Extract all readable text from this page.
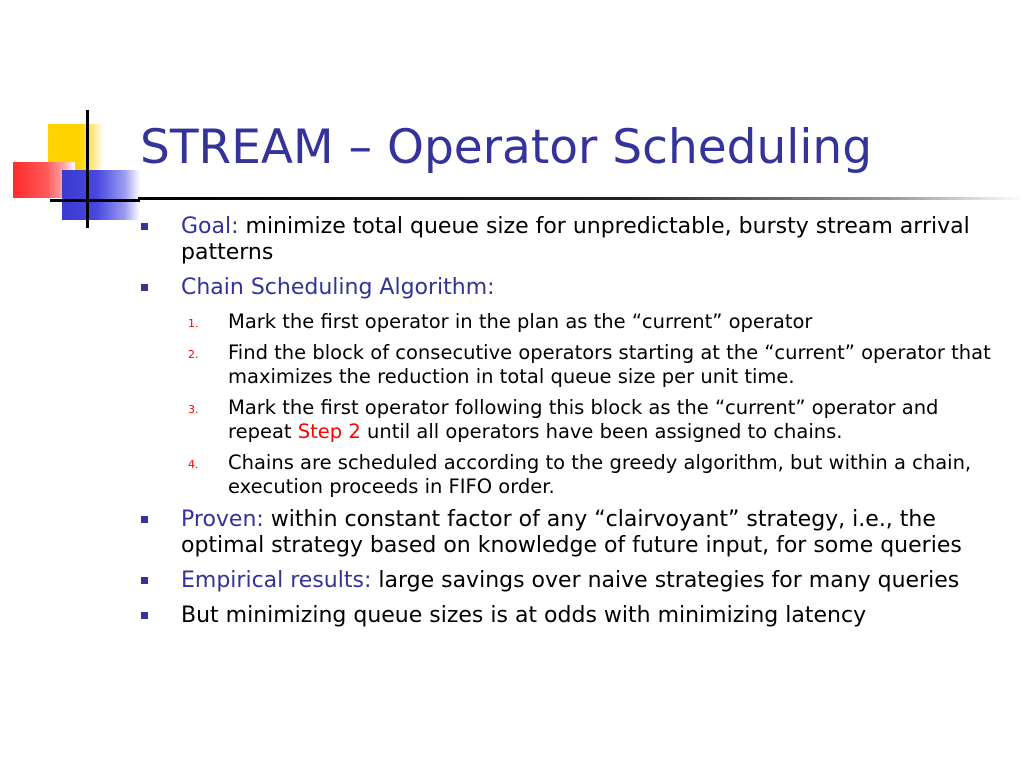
STREAM – Operator Scheduling
Goal: minimize total queue size for unpredictable, bursty stream arrival patterns
Chain Scheduling Algorithm:
1. Mark the first operator in the plan as the “current” operator
2. Find the block of consecutive operators starting at the “current” operator that maximizes the reduction in total queue size per unit time.
3. Mark the first operator following this block as the “current” operator and repeat Step 2 until all operators have been assigned to chains.
4. Chains are scheduled according to the greedy algorithm, but within a chain, execution proceeds in FIFO order.
Proven: within constant factor of any “clairvoyant” strategy, i.e., the optimal strategy based on knowledge of future input, for some queries
Empirical results: large savings over naive strategies for many queries
But minimizing queue sizes is at odds with minimizing latency
